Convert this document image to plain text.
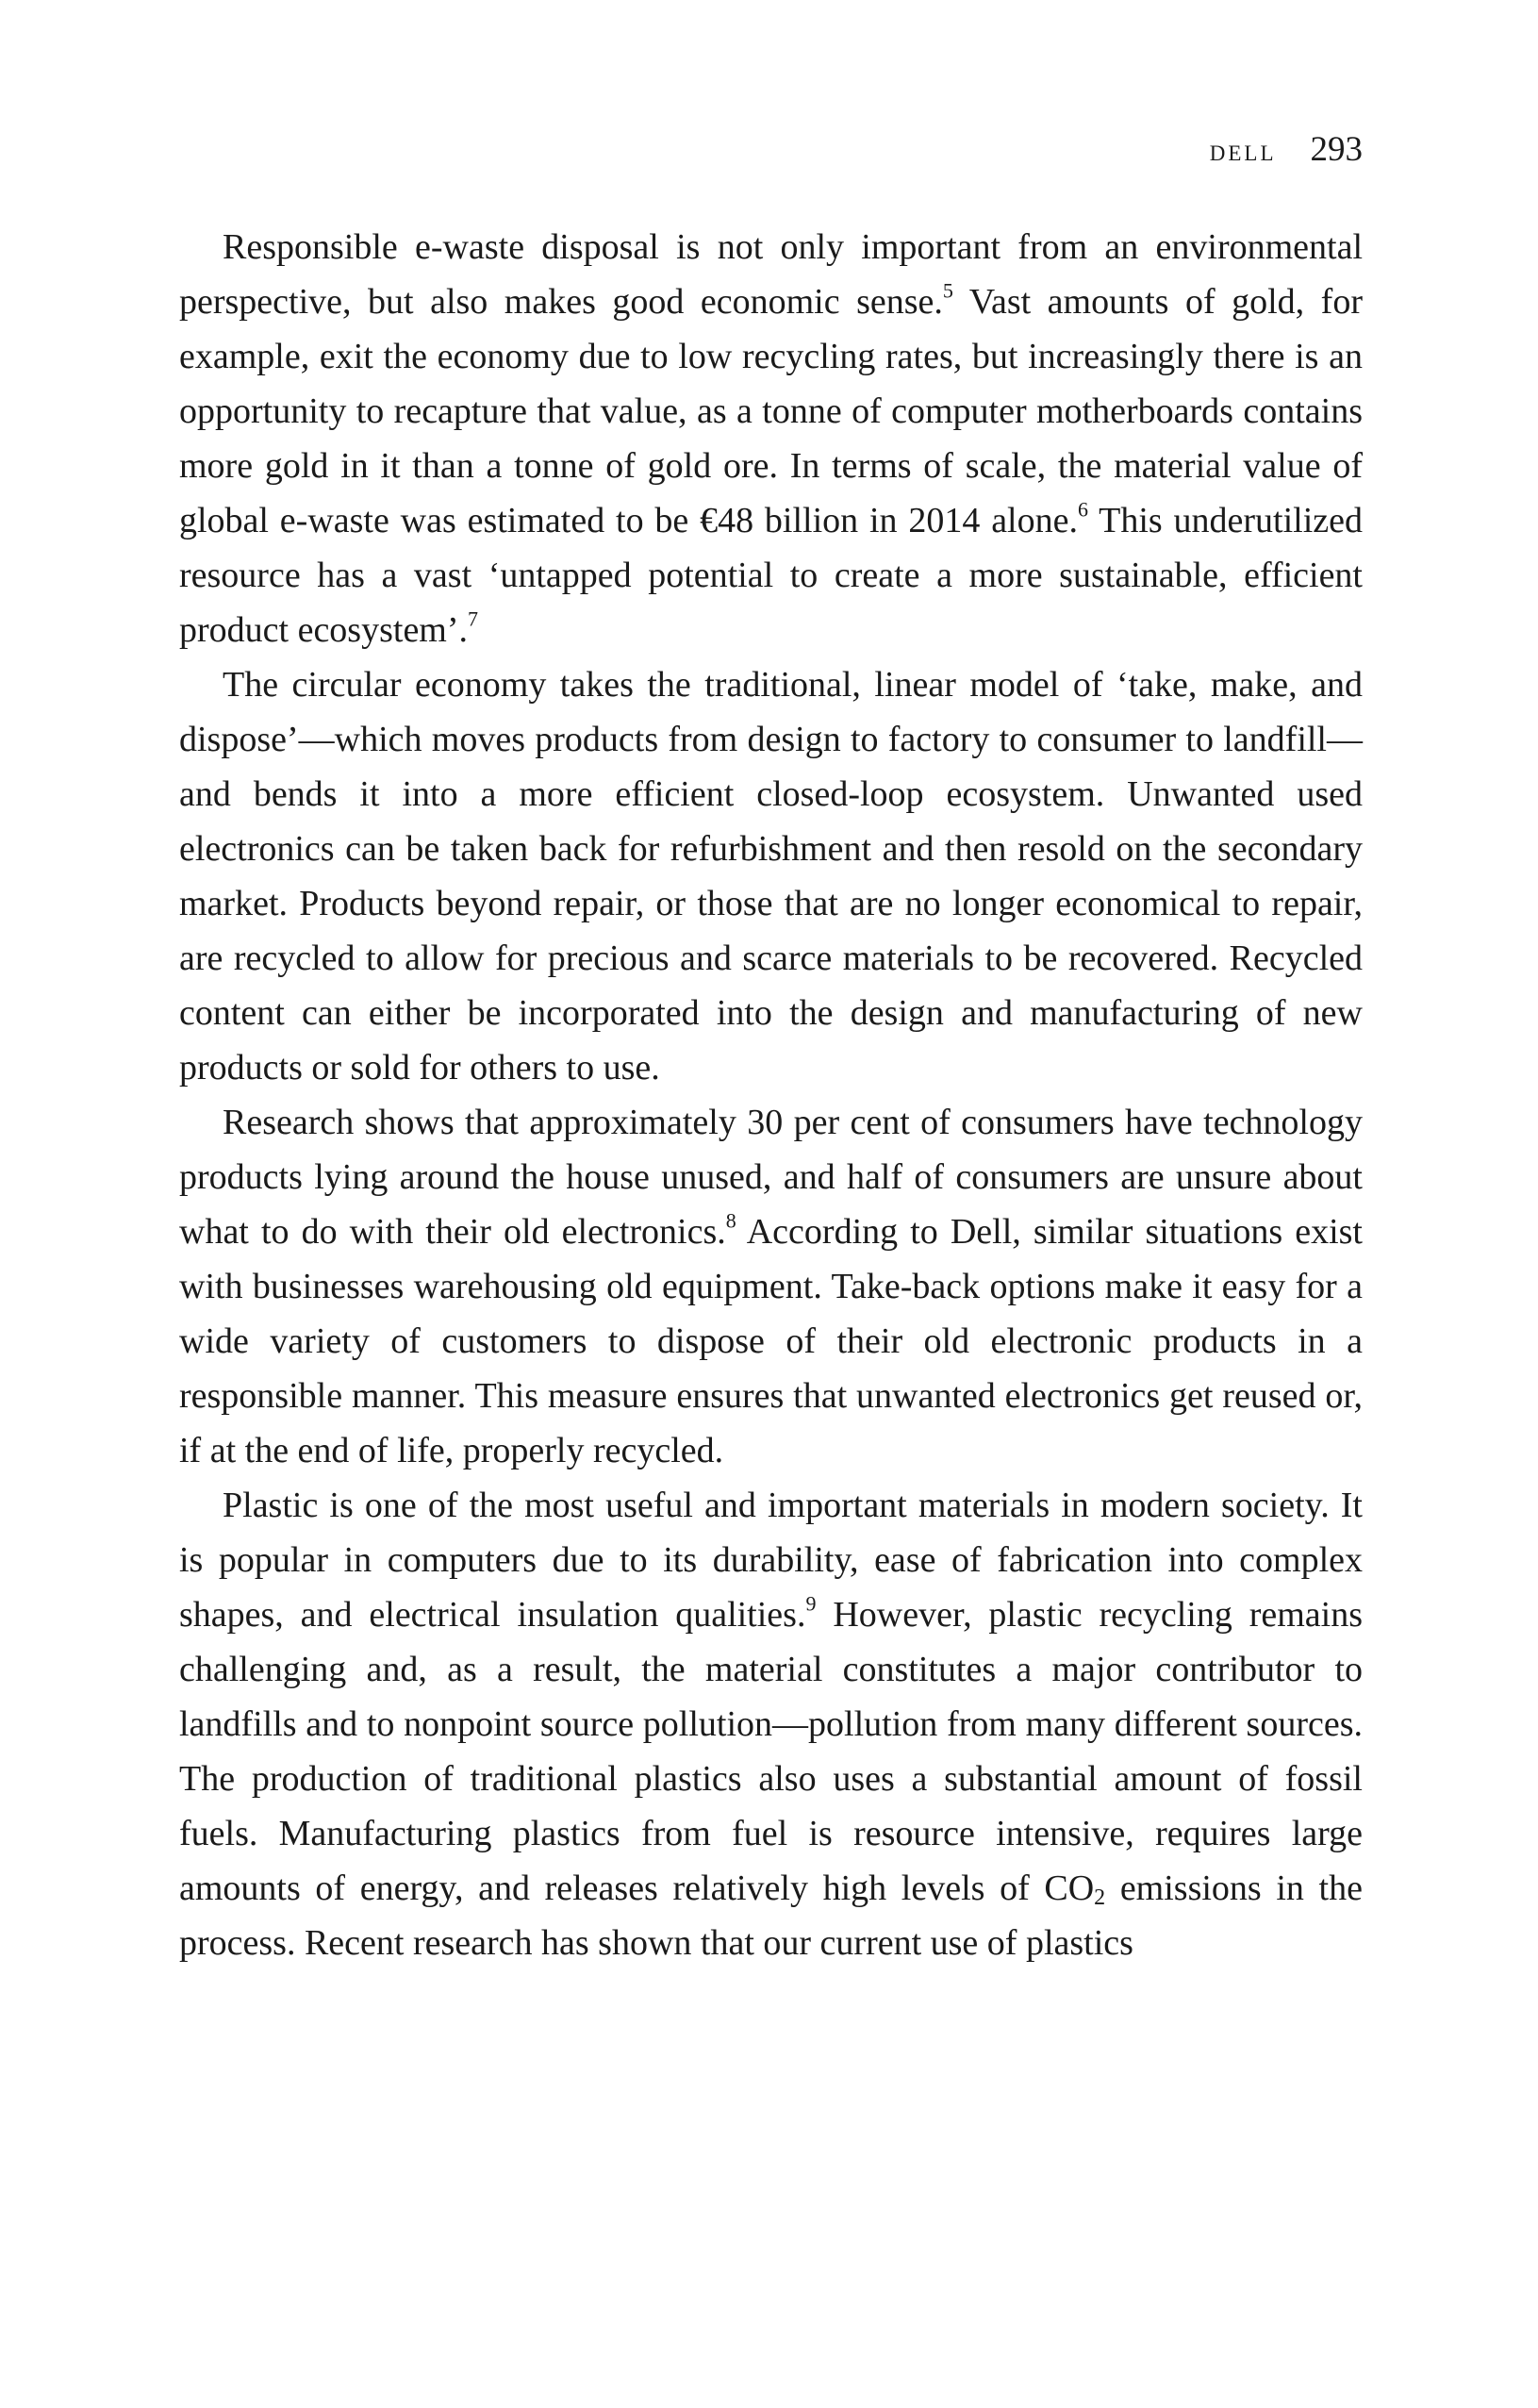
dell 293

Responsible e-waste disposal is not only important from an environmental perspective, but also makes good economic sense.$^5$ Vast amounts of gold, for example, exit the economy due to low recycling rates, but increasingly there is an opportunity to recapture that value, as a tonne of computer motherboards contains more gold in it than a tonne of gold ore. In terms of scale, the material value of global e-waste was estimated to be €48 billion in 2014 alone.$^6$ This underutilized resource has a vast ‘untapped potential to create a more sustainable, efficient product ecosystem’.$^7$

The circular economy takes the traditional, linear model of ‘take, make, and dispose’—which moves products from design to factory to consumer to landfill—and bends it into a more efficient closed-loop ecosystem. Unwanted used electronics can be taken back for refurbishment and then resold on the secondary market. Products beyond repair, or those that are no longer economical to repair, are recycled to allow for precious and scarce materials to be recovered. Recycled content can either be incorporated into the design and manufacturing of new products or sold for others to use.

Research shows that approximately 30 per cent of consumers have technology products lying around the house unused, and half of consumers are unsure about what to do with their old electronics.$^8$ According to Dell, similar situations exist with businesses warehousing old equipment. Take-back options make it easy for a wide variety of customers to dispose of their old electronic products in a responsible manner. This measure ensures that unwanted electronics get reused or, if at the end of life, properly recycled.

Plastic is one of the most useful and important materials in modern society. It is popular in computers due to its durability, ease of fabrication into complex shapes, and electrical insulation qualities.$^9$ However, plastic recycling remains challenging and, as a result, the material constitutes a major contributor to landfills and to nonpoint source pollution—pollution from many different sources. The production of traditional plastics also uses a substantial amount of fossil fuels. Manufacturing plastics from fuel is resource intensive, requires large amounts of energy, and releases relatively high levels of $CO_2$ emissions in the process. Recent research has shown that our current use of plastics
